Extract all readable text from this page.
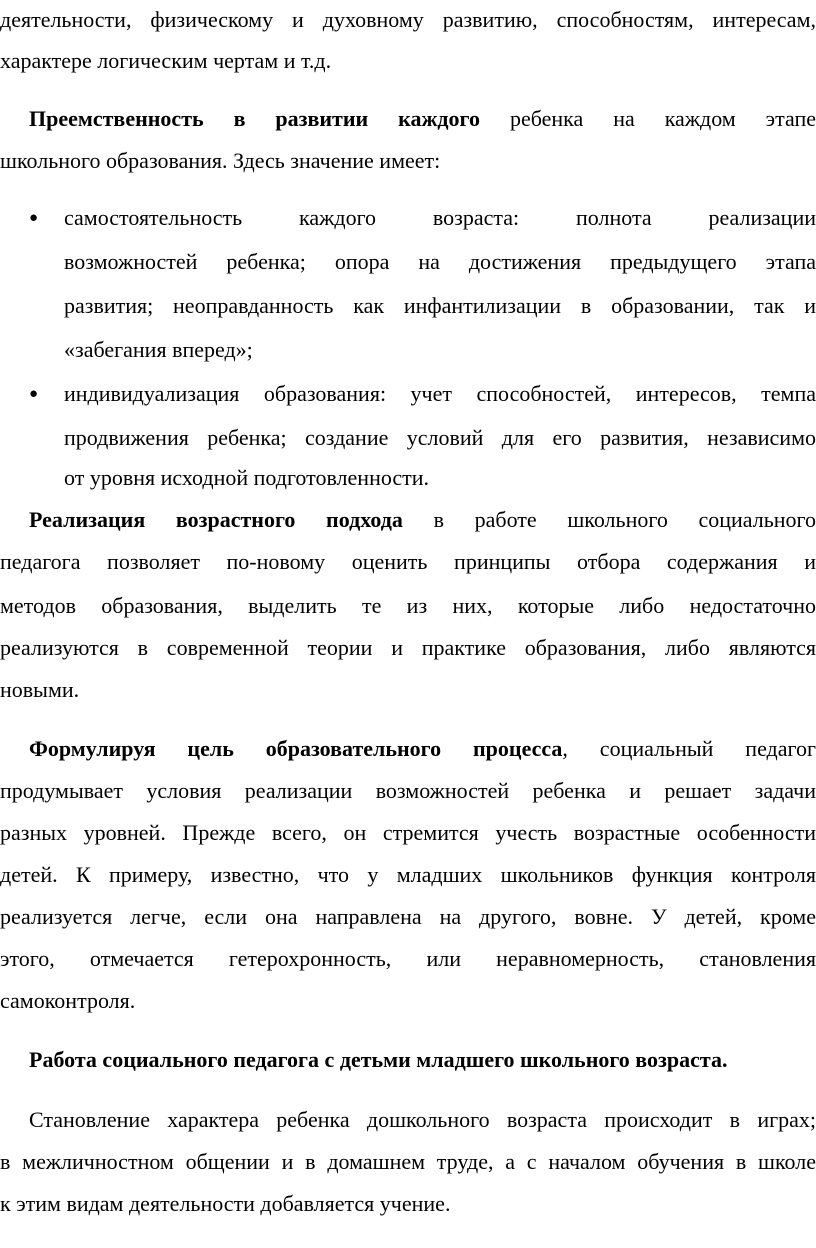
деятельности, физическому и духовному развитию, способностям, интересам,
характере логическим чертам и т.д.
Преемственность в развитии каждого ребенка на каждом этапе
школьного образования. Здесь значение имеет:
● самостоятельность каждого возраста: полнота реализации
возможностей ребенка; опора на достижения предыдущего этапа
развития; неоправданность как инфантилизации в образовании, так и
«забегания вперед»;
● индивидуализация образования: учет способностей, интересов, темпа
продвижения ребенка; создание условий для его развития, независимо
от уровня исходной подготовленности.
Реализация возрастного подхода в работе школьного социального
педагога позволяет по-новому оценить принципы отбора содержания и
методов образования, выделить те из них, которые либо недостаточно
реализуются в современной теории и практике образования, либо являются
новыми.
Формулируя цель образовательного процесса, социальный педагог
продумывает условия реализации возможностей ребенка и решает задачи
разных уровней. Прежде всего, он стремится учесть возрастные особенности
детей. К примеру, известно, что у младших школьников функция контроля
реализуется легче, если она направлена на другого, вовне. У детей, кроме
этого, отмечается гетерохронность, или неравномерность, становления
самоконтроля.
Работа социального педагога с детьми младшего школьного возраста.
Становление характера ребенка дошкольного возраста происходит в играх;
в межличностном общении и в домашнем труде, а с началом обучения в школе
к этим видам деятельности добавляется учение.
